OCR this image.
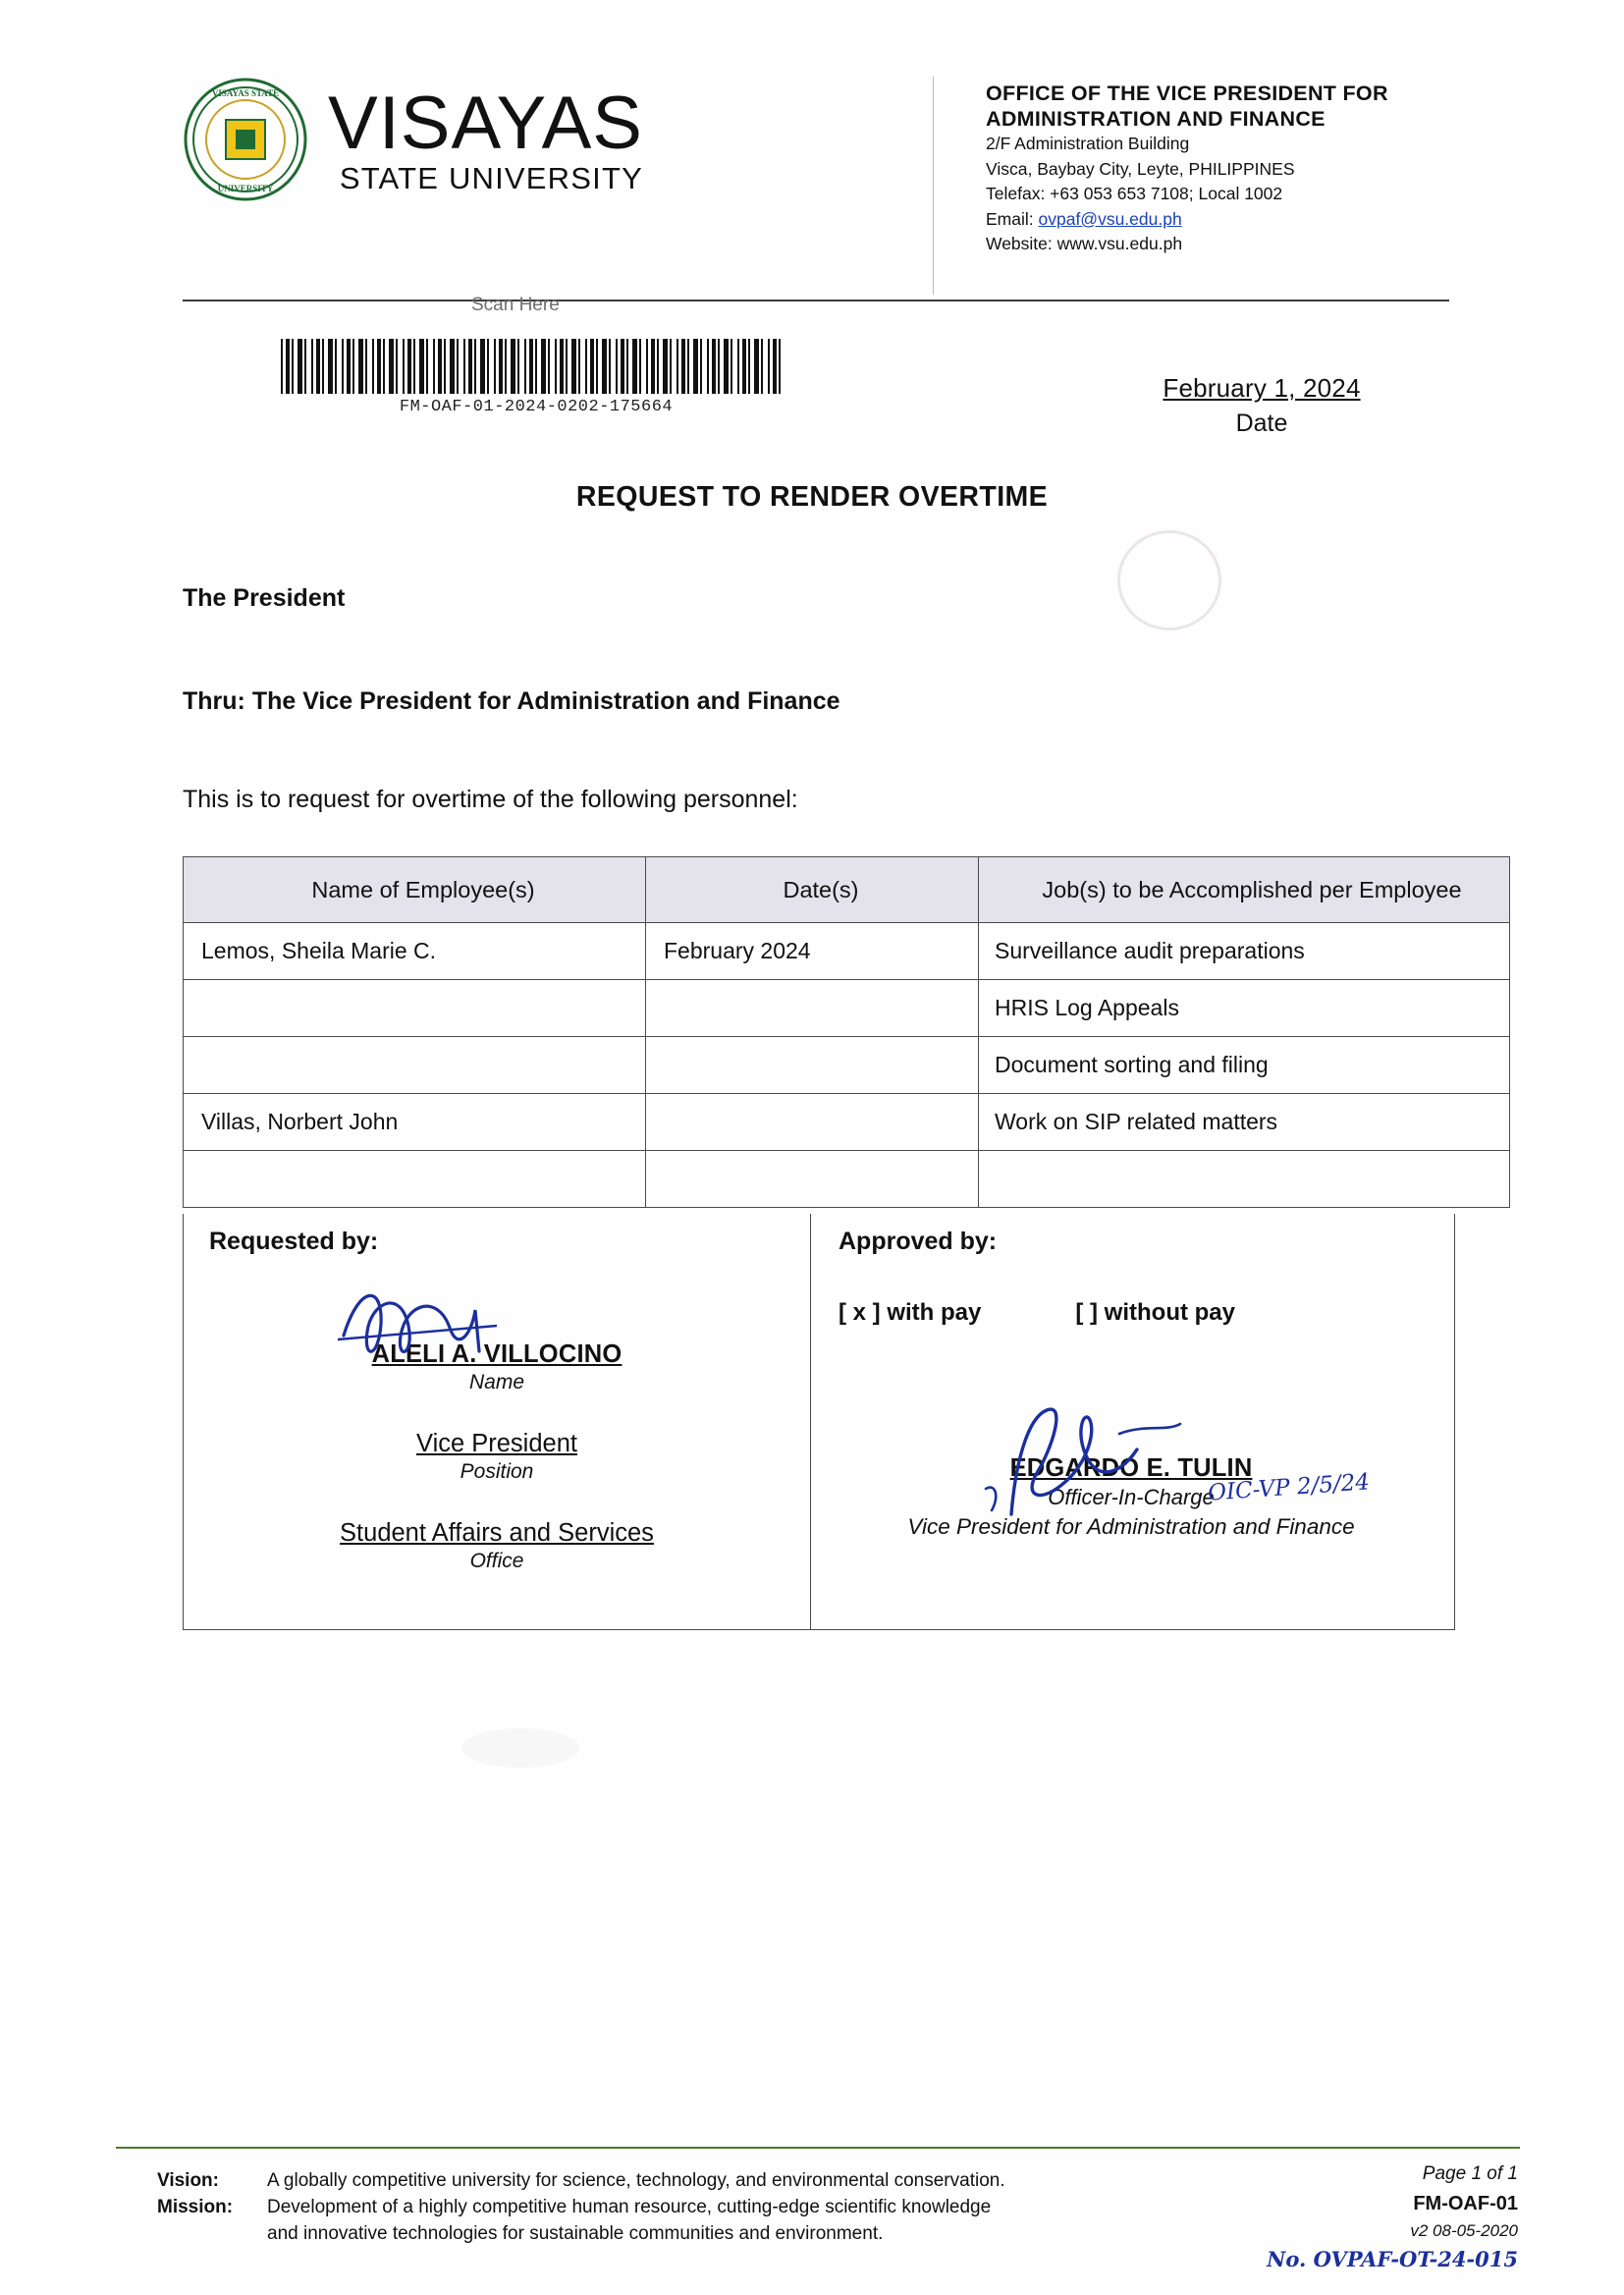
VISAYAS STATE
UNIVERSITY
VISAYAS
STATE UNIVERSITY
OFFICE OF THE VICE PRESIDENT FOR
ADMINISTRATION AND FINANCE
2/F Administration Building
Visca, Baybay City, Leyte, PHILIPPINES
Telefax: +63 053 653 7108; Local 1002
Email: ovpaf@vsu.edu.ph
Website: www.vsu.edu.ph
Scan Here
FM-OAF-01-2024-0202-175664
February 1, 2024
Date
REQUEST TO RENDER OVERTIME
The President
Thru: The Vice President for Administration and Finance
This is to request for overtime of the following personnel:
Name of Employee(s)	Date(s)	Job(s) to be Accomplished per Employee
Lemos, Sheila Marie C.	February 2024	Surveillance audit preparations
		HRIS Log Appeals
		Document sorting and filing
Villas, Norbert John		Work on SIP related matters

Requested by:
ALELI A. VILLOCINO
Name
Vice President
Position
Student Affairs and Services
Office
Approved by:
[ x ] with pay	[ ] without pay
EDGARDO E. TULIN
Officer-In-Charge
Vice President for Administration and Finance
OIC-VP 2/5/24
Vision:
Mission:
A globally competitive university for science, technology, and environmental conservation.
Development of a highly competitive human resource, cutting-edge scientific knowledge
and innovative technologies for sustainable communities and environment.
Page 1 of 1
FM-OAF-01
v2 08-05-2020
No. OVPAF-OT-24-015
